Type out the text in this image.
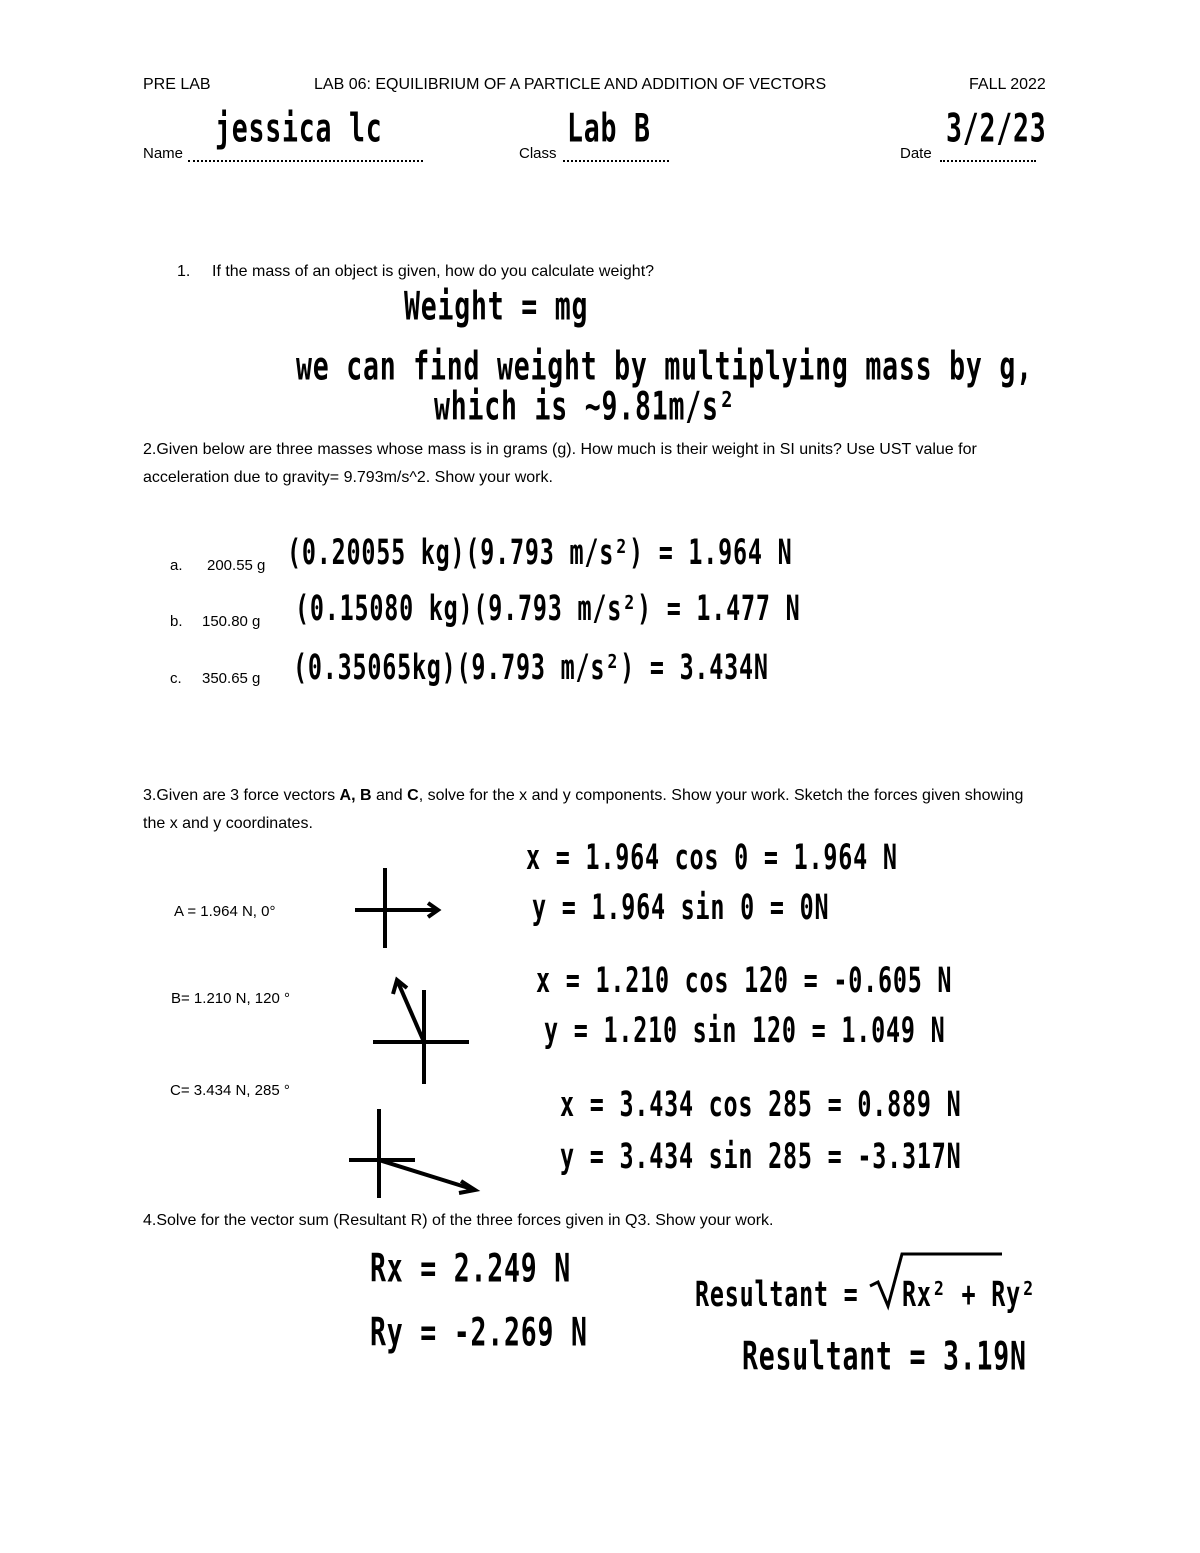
PRE LAB	LAB 06: EQUILIBRIUM OF A PARTICLE AND ADDITION OF VECTORS	FALL 2022
Name
jessica lc
Class
Lab B
Date
3/2/23
1. If the mass of an object is given, how do you calculate weight?
Weight = mg
we can find weight by multiplying mass by g,
which is ~9.81m/s²
2.Given below are three masses whose mass is in grams (g). How much is their weight in SI units? Use UST value for acceleration due to gravity= 9.793m/s^2. Show your work.
a. 200.55 g (0.20055 kg)(9.793 m/s²) = 1.964 N
b. 150.80 g (0.15080 kg)(9.793 m/s²) = 1.477 N
c. 350.65 g (0.35065kg)(9.793 m/s²) = 3.434N
3.Given are 3 force vectors A, B and C, solve for the x and y components. Show your work. Sketch the forces given showing the x and y coordinates.
A = 1.964 N, 0°
x = 1.964 cos 0 = 1.964 N
y = 1.964 sin 0 = 0N
B= 1.210 N, 120 °	x = 1.210 cos 120 = -0.605 N
y = 1.210 sin 120 = 1.049 N
C= 3.434 N, 285 °	x = 3.434 cos 285 = 0.889 N
y = 3.434 sin 285 = -3.317N
4.Solve for the vector sum (Resultant R) of the three forces given in Q3. Show your work.
Rx = 2.249 N
Ry = -2.269 N
Resultant = Rx² + Ry²
Resultant = 3.19N
